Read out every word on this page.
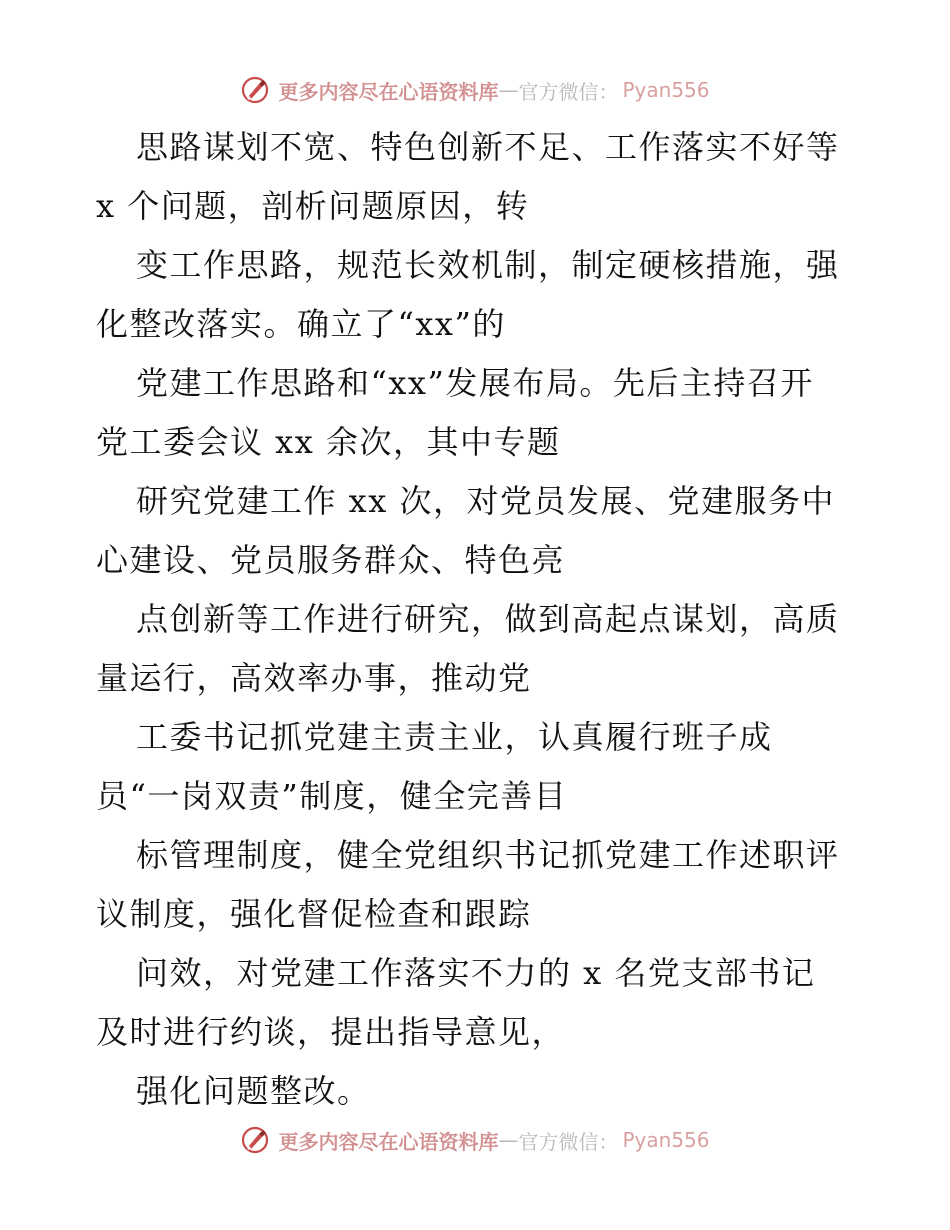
更多内容尽在心语资料库 — 官方微信： Pyan556
思路谋划不宽、特色创新不足、工作落实不好等
x 个问题，剖析问题原因，转
变工作思路，规范长效机制，制定硬核措施，强
化整改落实。确立了“xx”的
党建工作思路和“xx”发展布局。先后主持召开
党工委会议 xx 余次，其中专题
研究党建工作 xx 次，对党员发展、党建服务中
心建设、党员服务群众、特色亮
点创新等工作进行研究，做到高起点谋划，高质
量运行，高效率办事，推动党
工委书记抓党建主责主业，认真履行班子成
员“一岗双责”制度，健全完善目
标管理制度，健全党组织书记抓党建工作述职评
议制度，强化督促检查和跟踪
问效，对党建工作落实不力的 x 名党支部书记
及时进行约谈，提出指导意见，
强化问题整改。
更多内容尽在心语资料库 — 官方微信： Pyan556
